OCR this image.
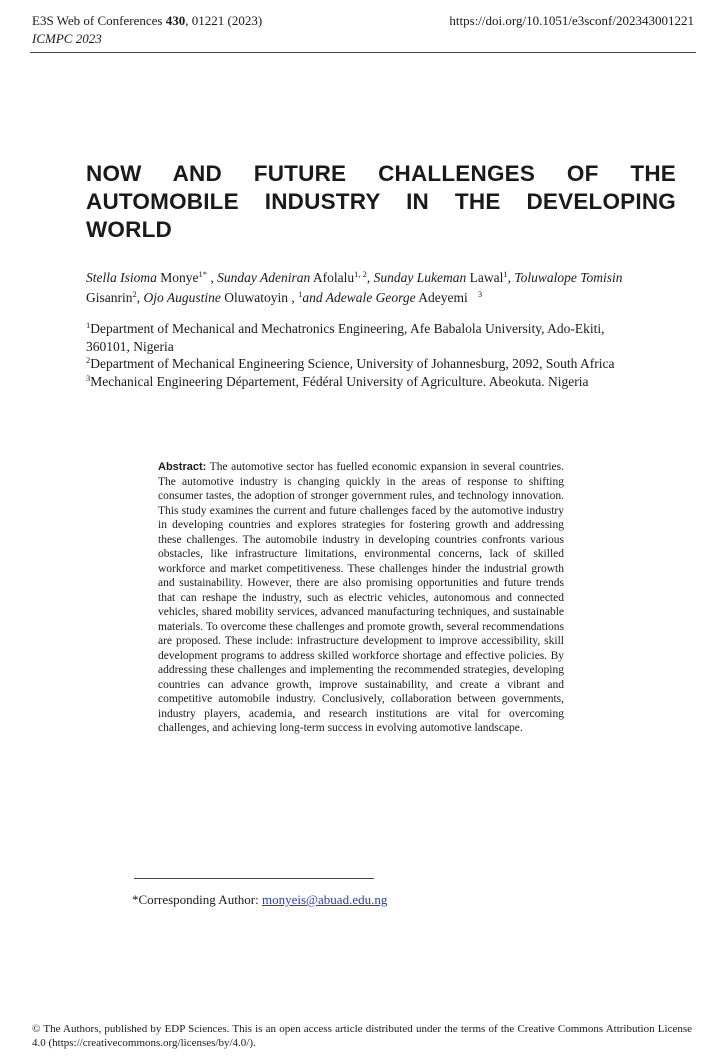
E3S Web of Conferences 430, 01221 (2023)
ICMPC 2023
https://doi.org/10.1051/e3sconf/202343001221
NOW AND FUTURE CHALLENGES OF THE
AUTOMOBILE INDUSTRY IN THE DEVELOPING
WORLD
Stella Isioma Monye$^{1*}$ , Sunday Adeniran Afolalu$^{1, 2}$, Sunday Lukeman Lawal$^1$, Toluwalope Tomisin Gisanrin$^2$, Ojo Augustine Oluwatoyin , $^1$and Adewale George Adeyemi $^3$

$^1$Department of Mechanical and Mechatronics Engineering, Afe Babalola University, Ado-Ekiti, 360101, Nigeria

$^2$Department of Mechanical Engineering Science, University of Johannesburg, 2092, South Africa

$^3$Mechanical Engineering Département, Fédéral University of Agriculture. Abeokuta. Nigeria

Abstract: The automotive sector has fuelled economic expansion in several countries. The automotive industry is changing quickly in the areas of response to shifting consumer tastes, the adoption of stronger government rules, and technology innovation. This study examines the current and future challenges faced by the automotive industry in developing countries and explores strategies for fostering growth and addressing these challenges. The automobile industry in developing countries confronts various obstacles, like infrastructure limitations, environmental concerns, lack of skilled workforce and market competitiveness. These challenges hinder the industrial growth and sustainability. However, there are also promising opportunities and future trends that can reshape the industry, such as electric vehicles, autonomous and connected vehicles, shared mobility services, advanced manufacturing techniques, and sustainable materials. To overcome these challenges and promote growth, several recommendations are proposed. These include: infrastructure development to improve accessibility, skill development programs to address skilled workforce shortage and effective policies. By addressing these challenges and implementing the recommended strategies, developing countries can advance growth, improve sustainability, and create a vibrant and competitive automobile industry. Conclusively, collaboration between governments, industry players, academia, and research institutions are vital for overcoming challenges, and achieving long-term success in evolving automotive landscape.

*Corresponding Author: monyeis@abuad.edu.ng

© The Authors, published by EDP Sciences. This is an open access article distributed under the terms of the Creative Commons Attribution License 4.0 (https://creativecommons.org/licenses/by/4.0/).
